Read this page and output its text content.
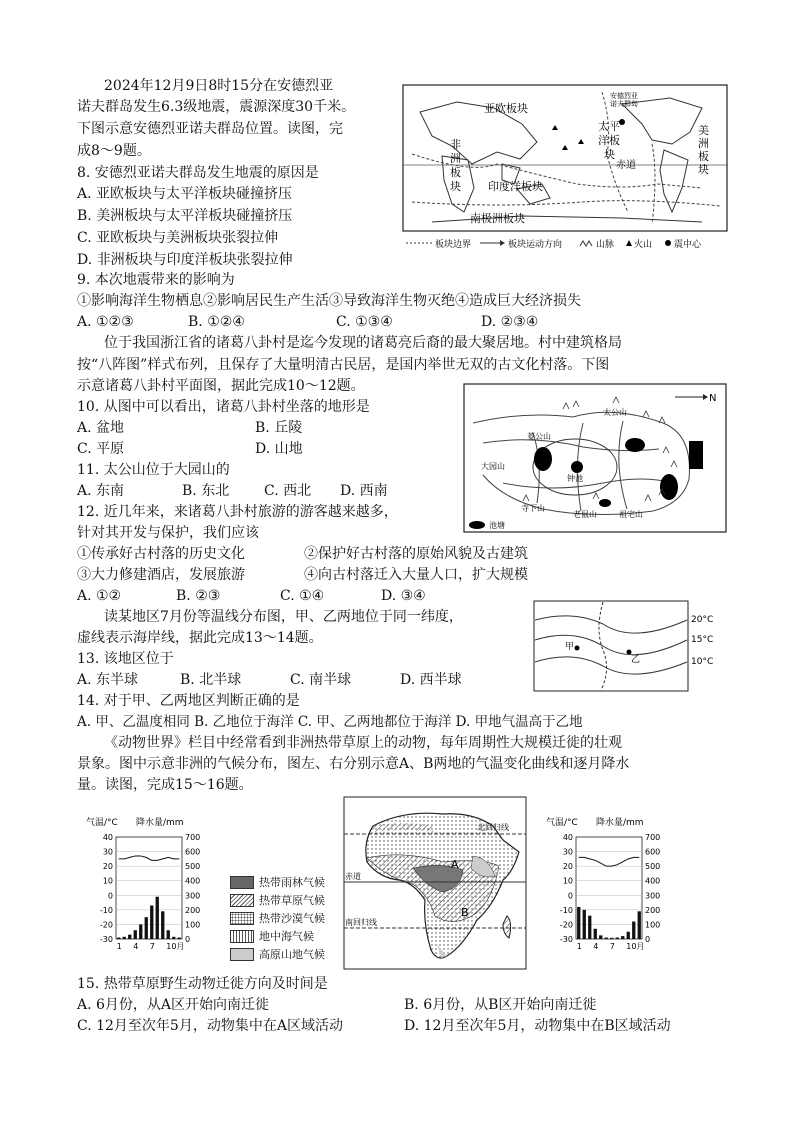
2024年12月9日8时15分在安德烈亚
诺夫群岛发生6.3级地震，震源深度30千米。
下图示意安德烈亚诺夫群岛位置。读图，完
成8～9题。
8. 安德烈亚诺夫群岛发生地震的原因是
A. 亚欧板块与太平洋板块碰撞挤压
B. 美洲板块与太平洋板块碰撞挤压
C. 亚欧板块与美洲板块张裂拉伸
D. 非洲板块与印度洋板块张裂拉伸
9. 本次地震带来的影响为
①影响海洋生物栖息②影响居民生产生活③导致海洋生物灭绝④造成巨大经济损失
A. ①②③	B. ①②④	C. ①③④	D. ②③④
亚欧板块
太平
洋板
块
美
洲
板
块
非
洲
板
块 印度洋板块
南极洲板块
赤道
安德烈亚
诺夫群岛
板块边界	板块运动方向	山脉 火山 震中心
位于我国浙江省的诸葛八卦村是迄今发现的诸葛亮后裔的最大聚居地。村中建筑格局
按“八阵图”样式布列，且保存了大量明清古民居，是国内举世无双的古文化村落。下图
示意诸葛八卦村平面图，据此完成10～12题。
10. 从图中可以看出，诸葛八卦村坐落的地形是
A. 盆地	B. 丘陵
C. 平原	D. 山地
11. 太公山位于大园山的
A. 东南	B. 东北 C. 西北 D. 西南
12. 近几年来，来诸葛八卦村旅游的游客越来越多，
针对其开发与保护，我们应该
①传承好古村落的历史文化	②保护好古村落的原始风貌及古建筑
③大力修建酒店，发展旅游	④向古村落迁入大量人口，扩大规模
A. ①②	B. ②③	C. ①④	D. ③④
N
太公山
菱公山
大园山
钟池
寺下山
老鼠山	祖宅山
池塘
读某地区7月份等温线分布图，甲、乙两地位于同一纬度，
虚线表示海岸线，据此完成13～14题。
13. 该地区位于
A. 东半球	B. 北半球	C. 南半球	D. 西半球
14. 对于甲、乙两地区判断正确的是
A. 甲、乙温度相同 B. 乙地位于海洋 C. 甲、乙两地都位于海洋 D. 甲地气温高于乙地
甲
乙
20°C
15°C
10°C
《动物世界》栏目中经常看到非洲热带草原上的动物，每年周期性大规模迁徙的壮观
景象。图中示意非洲的气候分布，图左、右分别示意A、B两地的气温变化曲线和逐月降水
量。读图，完成15～16题。
气温/°C 降水量/mm
40
30
20
10
0
-10
-20
-30
700
600
500
400
300
200
100
0
1 4 7 10月
气温/°C 降水量/mm
40
30
20
10
0
-10
-20
-30
700
600
500
400
300
200
100
0
1 4 7 10月
热带雨林气候
热带草原气候
热带沙漠气候
地中海气候
高原山地气候
北回归线
赤道
南回归线
A
B
15. 热带草原野生动物迁徙方向及时间是
A. 6月份，从A区开始向南迁徙	B. 6月份，从B区开始向南迁徙
C. 12月至次年5月，动物集中在A区域活动	D. 12月至次年5月，动物集中在B区域活动
